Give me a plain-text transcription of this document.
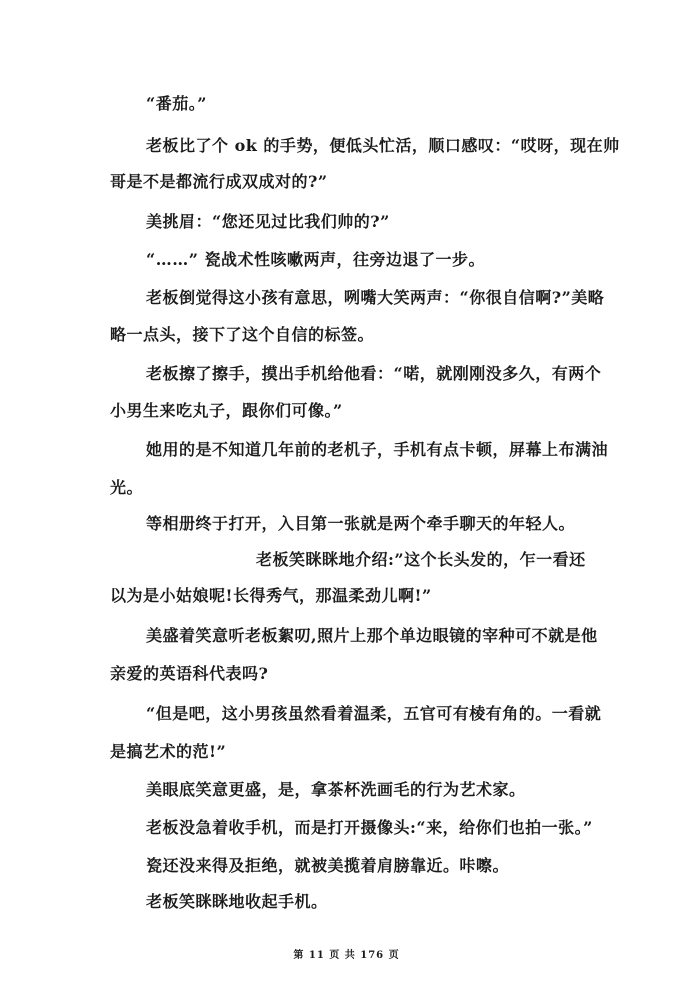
“番茄。”
老板比了个 ok 的手势，便低头忙活，顺口感叹：“哎呀，现在帅
哥是不是都流行成双成对的?”
美挑眉：“您还见过比我们帅的?”
“……” 瓷战术性咳嗽两声，往旁边退了一步。
老板倒觉得这小孩有意思，咧嘴大笑两声：“你很自信啊?”美略
略一点头，接下了这个自信的标签。
老板擦了擦手，摸出手机给他看：“喏，就刚刚没多久，有两个
小男生来吃丸子，跟你们可像。”
她用的是不知道几年前的老机子，手机有点卡顿，屏幕上布满油
光。
等相册终于打开，入目第一张就是两个牵手聊天的年轻人。
老板笑眯眯地介绍:”这个长头发的，乍一看还
以为是小姑娘呢!长得秀气，那温柔劲儿啊!”
美盛着笑意听老板絮叨,照片上那个单边眼镜的宰种可不就是他
亲爱的英语科代表吗?
“但是吧，这小男孩虽然看着温柔，五官可有棱有角的。一看就
是搞艺术的范!”
美眼底笑意更盛，是，拿茶杯洗画毛的行为艺术家。
老板没急着收手机，而是打开摄像头:“来，给你们也拍一张。”
瓷还没来得及拒绝，就被美揽着肩膀靠近。咔嚓。
老板笑眯眯地收起手机。
第 11 页 共 176 页
